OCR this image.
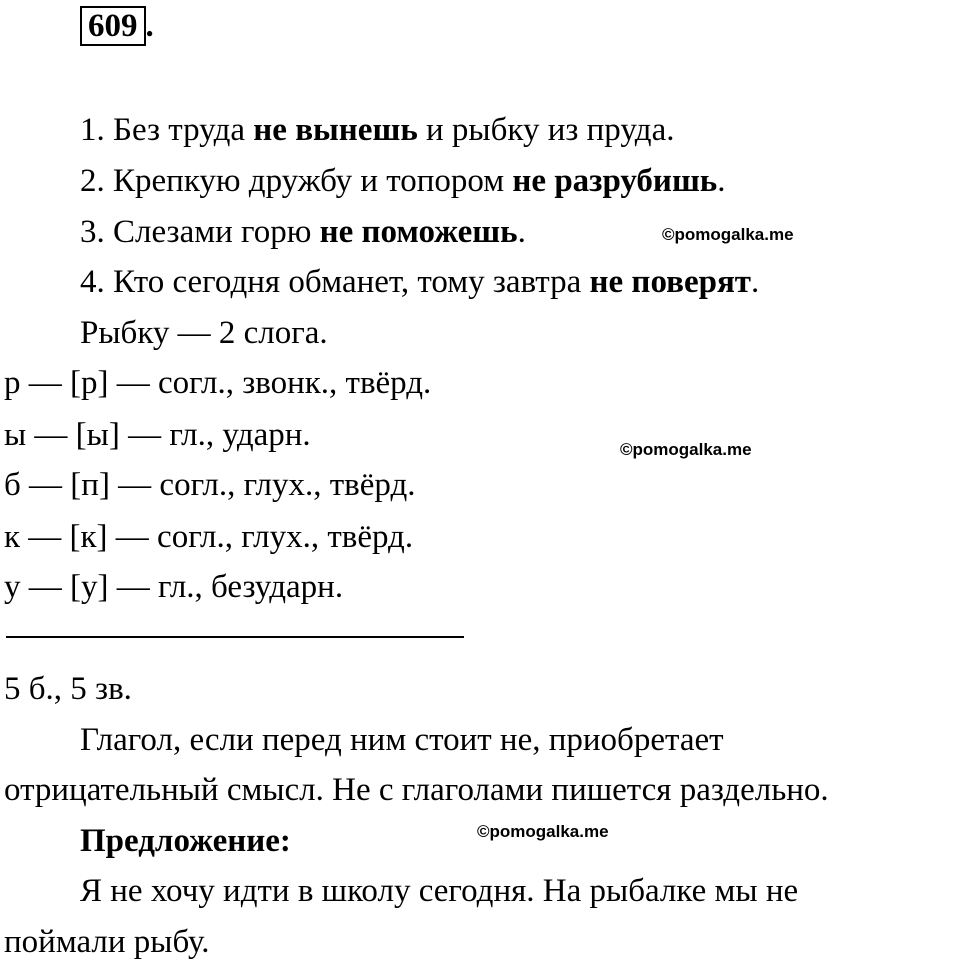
609 .
1. Без труда не вынешь и рыбку из пруда.
2. Крепкую дружбу и топором не разрубишь.
3. Слезами горю не поможешь.
4. Кто сегодня обманет, тому завтра не поверят.
©pomogalka.me
Рыбку — 2 слога.
р — [р] — согл., звонк., твёрд.
ы — [ы] — гл., ударн.
б — [п] — согл., глух., твёрд.
к — [к] — согл., глух., твёрд.
у — [у] — гл., безударн.
©pomogalka.me
5 б., 5 зв.
Глагол, если перед ним стоит не, приобретает
отрицательный смысл. Не с глаголами пишется раздельно.
Предложение:	©pomogalka.me
Я не хочу идти в школу сегодня. На рыбалке мы не
поймали рыбу.
